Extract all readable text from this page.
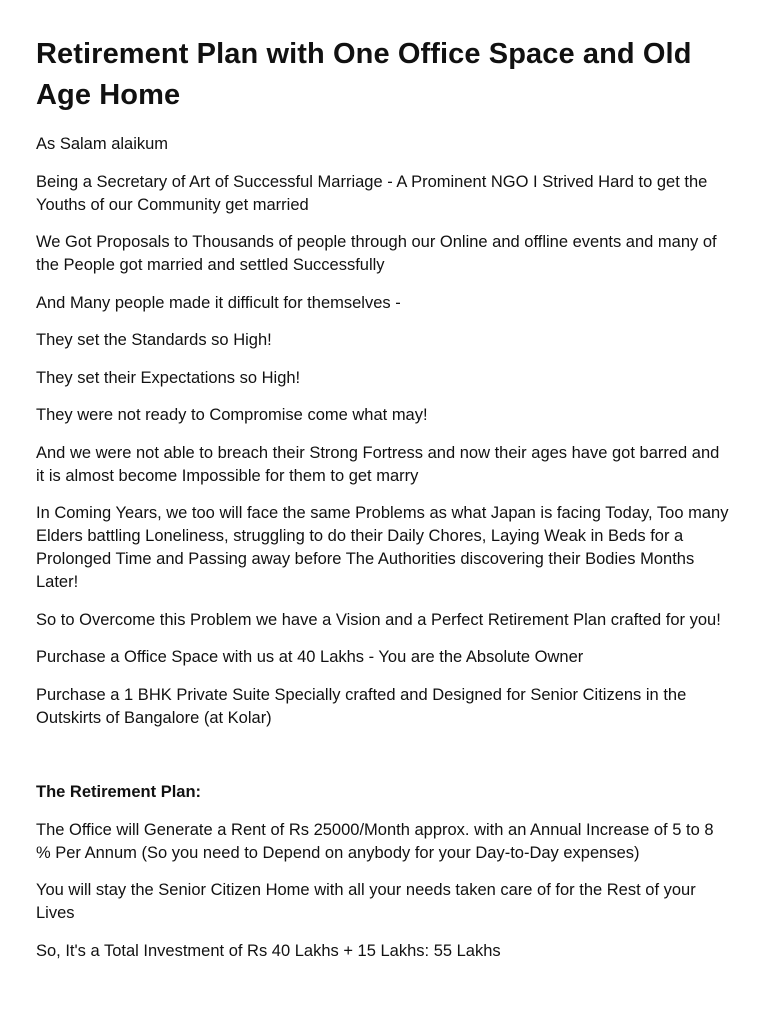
Retirement Plan with One Office Space and Old Age Home

As Salam alaikum

Being a Secretary of Art of Successful Marriage - A Prominent NGO I Strived Hard to get the Youths of our Community get married

We Got Proposals to Thousands of people through our Online and offline events and many of the People got married and settled Successfully

And Many people made it difficult for themselves -

They set the Standards so High!

They set their Expectations so High!

They were not ready to Compromise come what may!

And we were not able to breach their Strong Fortress and now their ages have got barred and it is almost become Impossible for them to get marry

In Coming Years, we too will face the same Problems as what Japan is facing Today, Too many Elders battling Loneliness, struggling to do their Daily Chores, Laying Weak in Beds for a Prolonged Time and Passing away before The Authorities discovering their Bodies Months Later!

So to Overcome this Problem we have a Vision and a Perfect Retirement Plan crafted for you!

Purchase a Office Space with us at 40 Lakhs - You are the Absolute Owner

Purchase a 1 BHK Private Suite Specially crafted and Designed for Senior Citizens in the Outskirts of Bangalore (at Kolar)

The Retirement Plan:

The Office will Generate a Rent of Rs 25000/Month approx. with an Annual Increase of 5 to 8 % Per Annum (So you need to Depend on anybody for your Day-to-Day expenses)

You will stay the Senior Citizen Home with all your needs taken care of for the Rest of your Lives

So, It's a Total Investment of Rs 40 Lakhs + 15 Lakhs: 55 Lakhs
